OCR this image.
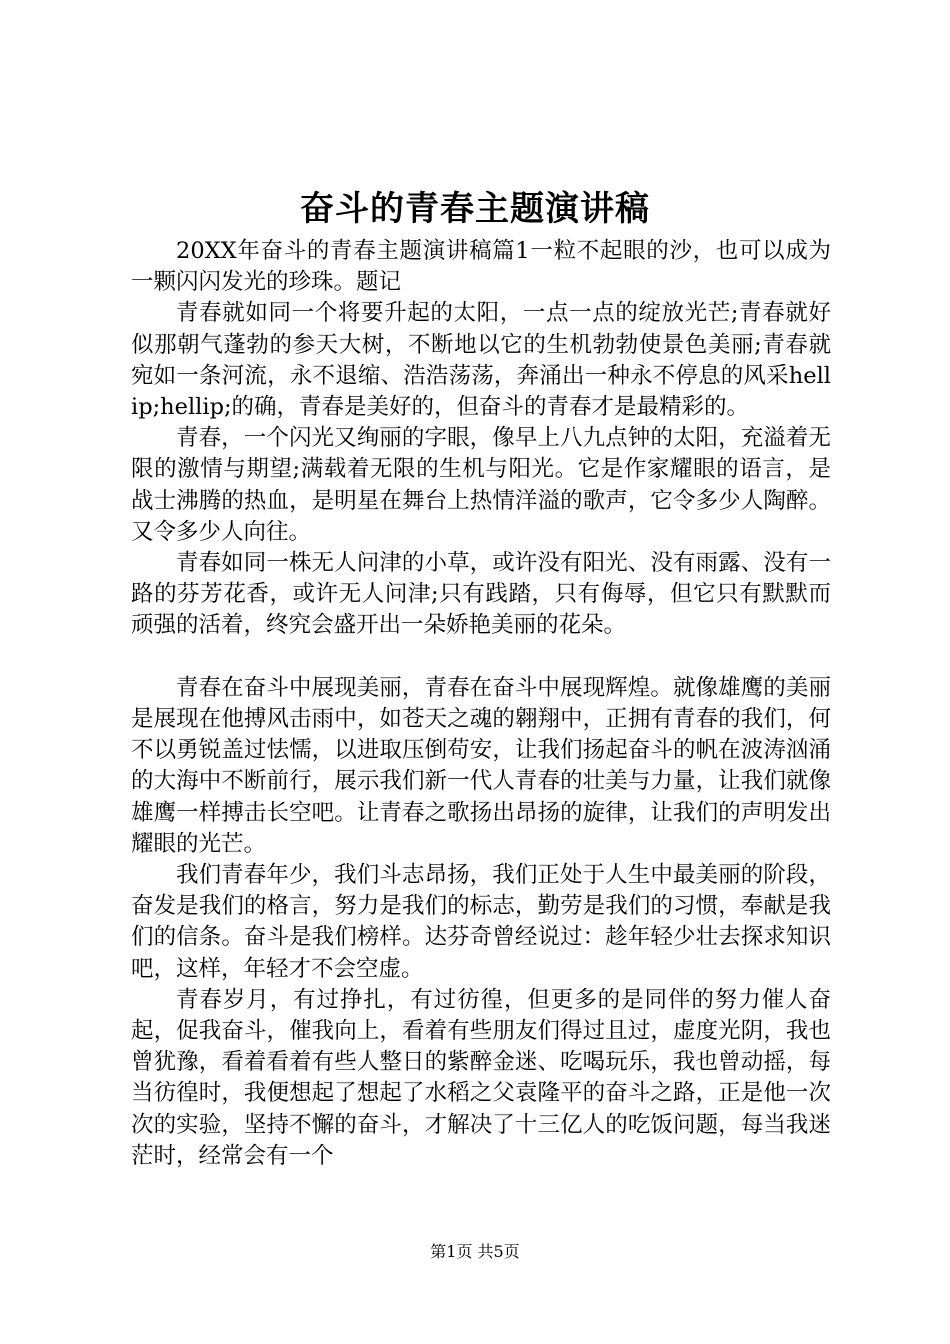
奋斗的青春主题演讲稿

20XX年奋斗的青春主题演讲稿篇1一粒不起眼的沙，也可以成为一颗闪闪发光的珍珠。题记

青春就如同一个将要升起的太阳，一点一点的绽放光芒;青春就好似那朝气蓬勃的参天大树，不断地以它的生机勃勃使景色美丽;青春就宛如一条河流，永不退缩、浩浩荡荡，奔涌出一种永不停息的风采hellip;hellip;的确，青春是美好的，但奋斗的青春才是最精彩的。

青春，一个闪光又绚丽的字眼，像早上八九点钟的太阳，充溢着无限的激情与期望;满载着无限的生机与阳光。它是作家耀眼的语言，是战士沸腾的热血，是明星在舞台上热情洋溢的歌声，它令多少人陶醉。又令多少人向往。

青春如同一株无人问津的小草，或许没有阳光、没有雨露、没有一路的芬芳花香，或许无人问津;只有践踏，只有侮辱，但它只有默默而顽强的活着，终究会盛开出一朵娇艳美丽的花朵。

青春在奋斗中展现美丽，青春在奋斗中展现辉煌。就像雄鹰的美丽是展现在他搏风击雨中，如苍天之魂的翱翔中，正拥有青春的我们，何不以勇锐盖过怯懦，以进取压倒苟安，让我们扬起奋斗的帆在波涛汹涌的大海中不断前行，展示我们新一代人青春的壮美与力量，让我们就像雄鹰一样搏击长空吧。让青春之歌扬出昂扬的旋律，让我们的声明发出耀眼的光芒。

我们青春年少，我们斗志昂扬，我们正处于人生中最美丽的阶段，奋发是我们的格言，努力是我们的标志，勤劳是我们的习惯，奉献是我们的信条。奋斗是我们榜样。达芬奇曾经说过：趁年轻少壮去探求知识吧，这样，年轻才不会空虚。

青春岁月，有过挣扎，有过彷徨，但更多的是同伴的努力催人奋起，促我奋斗，催我向上，看着有些朋友们得过且过，虚度光阴，我也曾犹豫，看着看着有些人整日的紫醉金迷、吃喝玩乐，我也曾动摇，每当彷徨时，我便想起了想起了水稻之父袁隆平的奋斗之路，正是他一次次的实验，坚持不懈的奋斗，才解决了十三亿人的吃饭问题，每当我迷茫时，经常会有一个

第1页 共5页
